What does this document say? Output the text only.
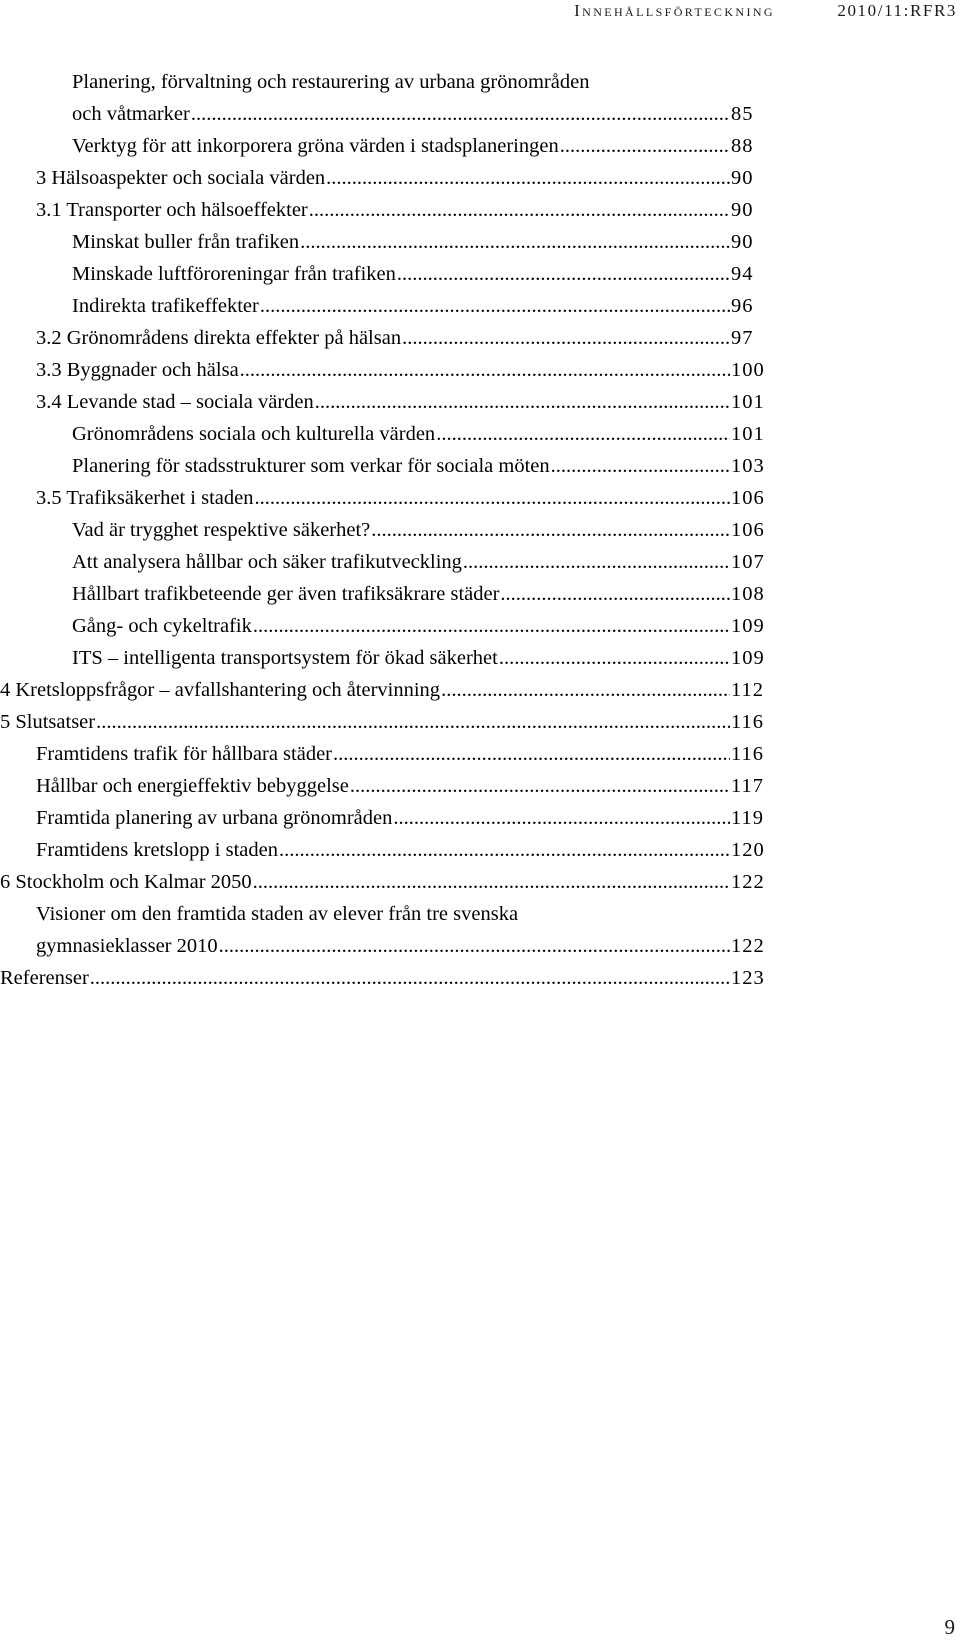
Innehållsförteckning	2010/11:RFR3
Planering, förvaltning och restaurering av urbana grönområden
och våtmarker .....	85
Verktyg för att inkorporera gröna värden i stadsplaneringen .....	88
3 Hälsoaspekter och sociala värden .....	90
3.1 Transporter och hälsoeffekter .....	90
Minskat buller från trafiken .....	90
Minskade luftföroreningar från trafiken .....	94
Indirekta trafikeffekter .....	96
3.2 Grönområdens direkta effekter på hälsan .....	97
3.3 Byggnader och hälsa .....	100
3.4 Levande stad – sociala värden .....	101
Grönområdens sociala och kulturella värden .....	101
Planering för stadsstrukturer som verkar för sociala möten .....	103
3.5 Trafiksäkerhet i staden .....	106
Vad är trygghet respektive säkerhet? .....	106
Att analysera hållbar och säker trafikutveckling .....	107
Hållbart trafikbeteende ger även trafiksäkrare städer .....	108
Gång- och cykeltrafik .....	109
ITS – intelligenta transportsystem för ökad säkerhet .....	109
4 Kretsloppsfrågor – avfallshantering och återvinning .....	112
5 Slutsatser .....	116
Framtidens trafik för hållbara städer .....	116
Hållbar och energieffektiv bebyggelse .....	117
Framtida planering av urbana grönområden .....	119
Framtidens kretslopp i staden .....	120
6 Stockholm och Kalmar 2050 .....	122
Visioner om den framtida staden av elever från tre svenska
gymnasieklasser 2010 .....	122
Referenser .....	123
9
